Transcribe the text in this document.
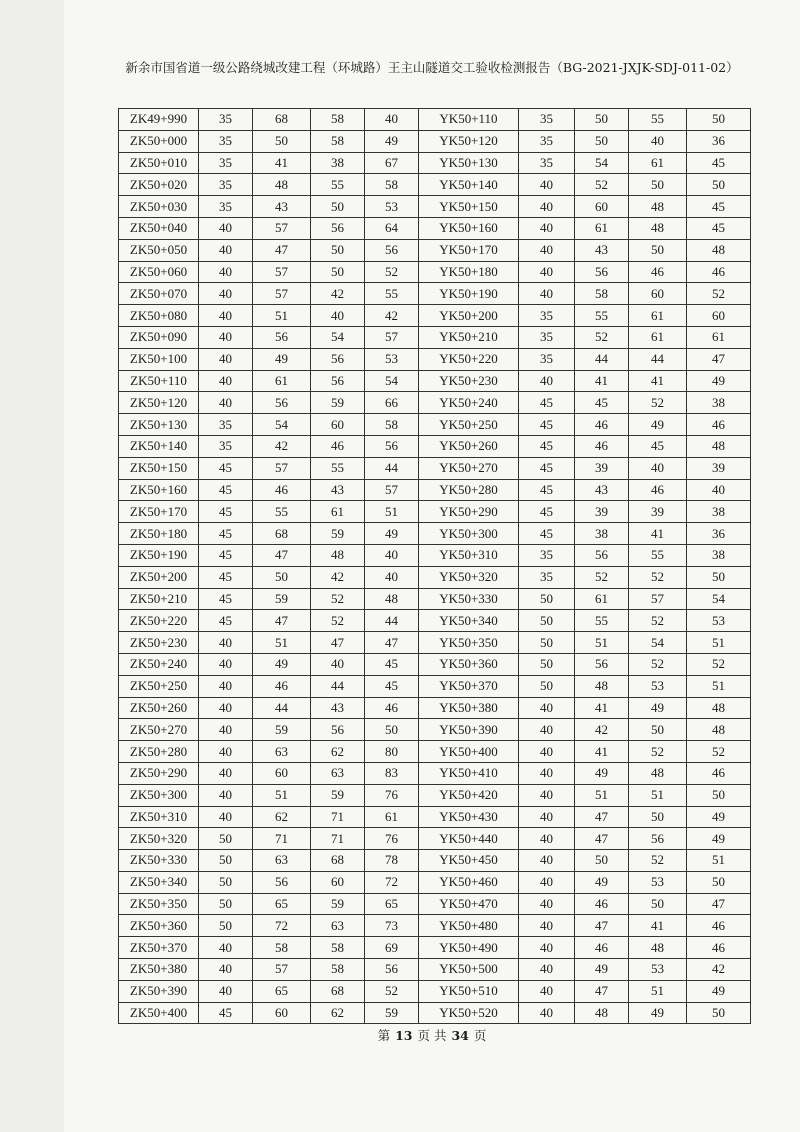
新余市国省道一级公路绕城改建工程（环城路）王主山隧道交工验收检测报告（BG-2021-JXJK-SDJ-011-02）
ZK49+990	35	68	58	40	YK50+110	35	50	55	50
ZK50+000	35	50	58	49	YK50+120	35	50	40	36
ZK50+010	35	41	38	67	YK50+130	35	54	61	45
ZK50+020	35	48	55	58	YK50+140	40	52	50	50
ZK50+030	35	43	50	53	YK50+150	40	60	48	45
ZK50+040	40	57	56	64	YK50+160	40	61	48	45
ZK50+050	40	47	50	56	YK50+170	40	43	50	48
ZK50+060	40	57	50	52	YK50+180	40	56	46	46
ZK50+070	40	57	42	55	YK50+190	40	58	60	52
ZK50+080	40	51	40	42	YK50+200	35	55	61	60
ZK50+090	40	56	54	57	YK50+210	35	52	61	61
ZK50+100	40	49	56	53	YK50+220	35	44	44	47
ZK50+110	40	61	56	54	YK50+230	40	41	41	49
ZK50+120	40	56	59	66	YK50+240	45	45	52	38
ZK50+130	35	54	60	58	YK50+250	45	46	49	46
ZK50+140	35	42	46	56	YK50+260	45	46	45	48
ZK50+150	45	57	55	44	YK50+270	45	39	40	39
ZK50+160	45	46	43	57	YK50+280	45	43	46	40
ZK50+170	45	55	61	51	YK50+290	45	39	39	38
ZK50+180	45	68	59	49	YK50+300	45	38	41	36
ZK50+190	45	47	48	40	YK50+310	35	56	55	38
ZK50+200	45	50	42	40	YK50+320	35	52	52	50
ZK50+210	45	59	52	48	YK50+330	50	61	57	54
ZK50+220	45	47	52	44	YK50+340	50	55	52	53
ZK50+230	40	51	47	47	YK50+350	50	51	54	51
ZK50+240	40	49	40	45	YK50+360	50	56	52	52
ZK50+250	40	46	44	45	YK50+370	50	48	53	51
ZK50+260	40	44	43	46	YK50+380	40	41	49	48
ZK50+270	40	59	56	50	YK50+390	40	42	50	48
ZK50+280	40	63	62	80	YK50+400	40	41	52	52
ZK50+290	40	60	63	83	YK50+410	40	49	48	46
ZK50+300	40	51	59	76	YK50+420	40	51	51	50
ZK50+310	40	62	71	61	YK50+430	40	47	50	49
ZK50+320	50	71	71	76	YK50+440	40	47	56	49
ZK50+330	50	63	68	78	YK50+450	40	50	52	51
ZK50+340	50	56	60	72	YK50+460	40	49	53	50
ZK50+350	50	65	59	65	YK50+470	40	46	50	47
ZK50+360	50	72	63	73	YK50+480	40	47	41	46
ZK50+370	40	58	58	69	YK50+490	40	46	48	46
ZK50+380	40	57	58	56	YK50+500	40	49	53	42
ZK50+390	40	65	68	52	YK50+510	40	47	51	49
ZK50+400	45	60	62	59	YK50+520	40	48	49	50
第 13 页 共 34 页
